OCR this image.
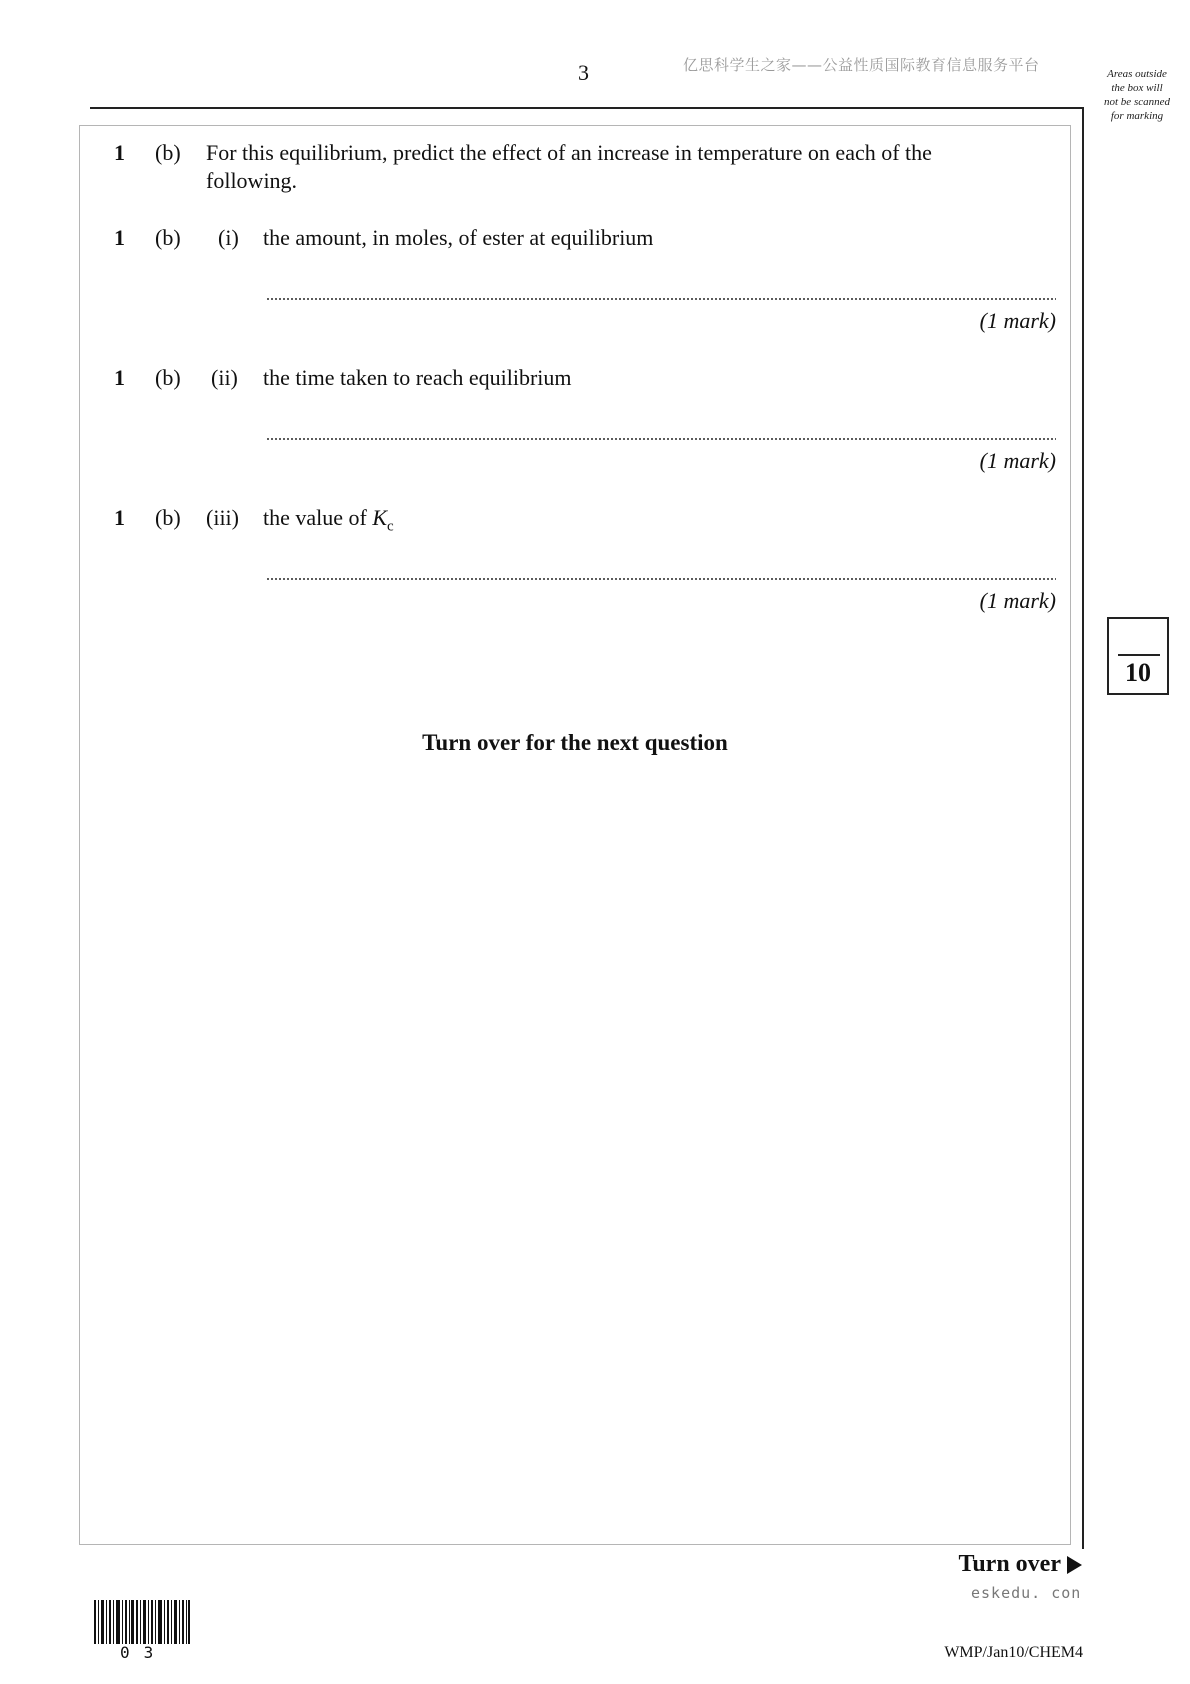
3	亿思科学生之家——公益性质国际教育信息服务平台	Areas outside
the box will
not be scanned
for marking
1 (b) For this equilibrium, predict the effect of an increase in temperature on each of the
following.
1 (b) (i) the amount, in moles, of ester at equilibrium
(1 mark)
1 (b) (ii) the time taken to reach equilibrium
(1 mark)
1 (b) (iii) the value of $K_c$
(1 mark)
10
Turn over for the next question
Turn over
eskedu. con
03	WMP/Jan10/CHEM4
